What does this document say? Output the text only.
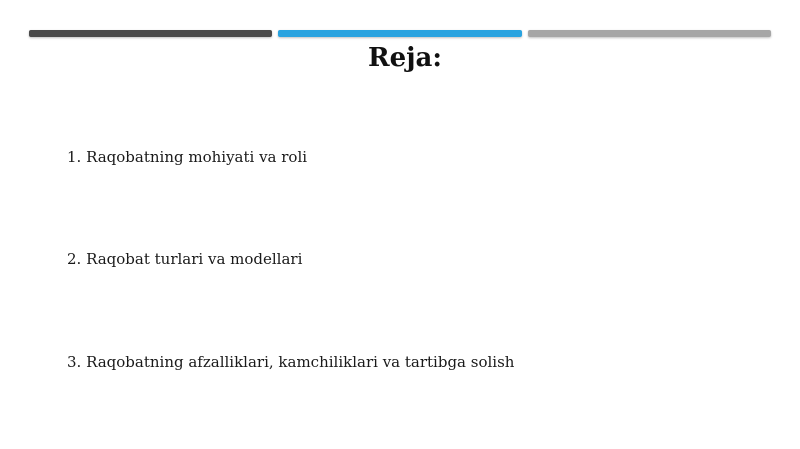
Reja:
1. Raqobatning mohiyati va roli
2. Raqobat turlari va modellari
3. Raqobatning afzalliklari, kamchiliklari va tartibga solish
